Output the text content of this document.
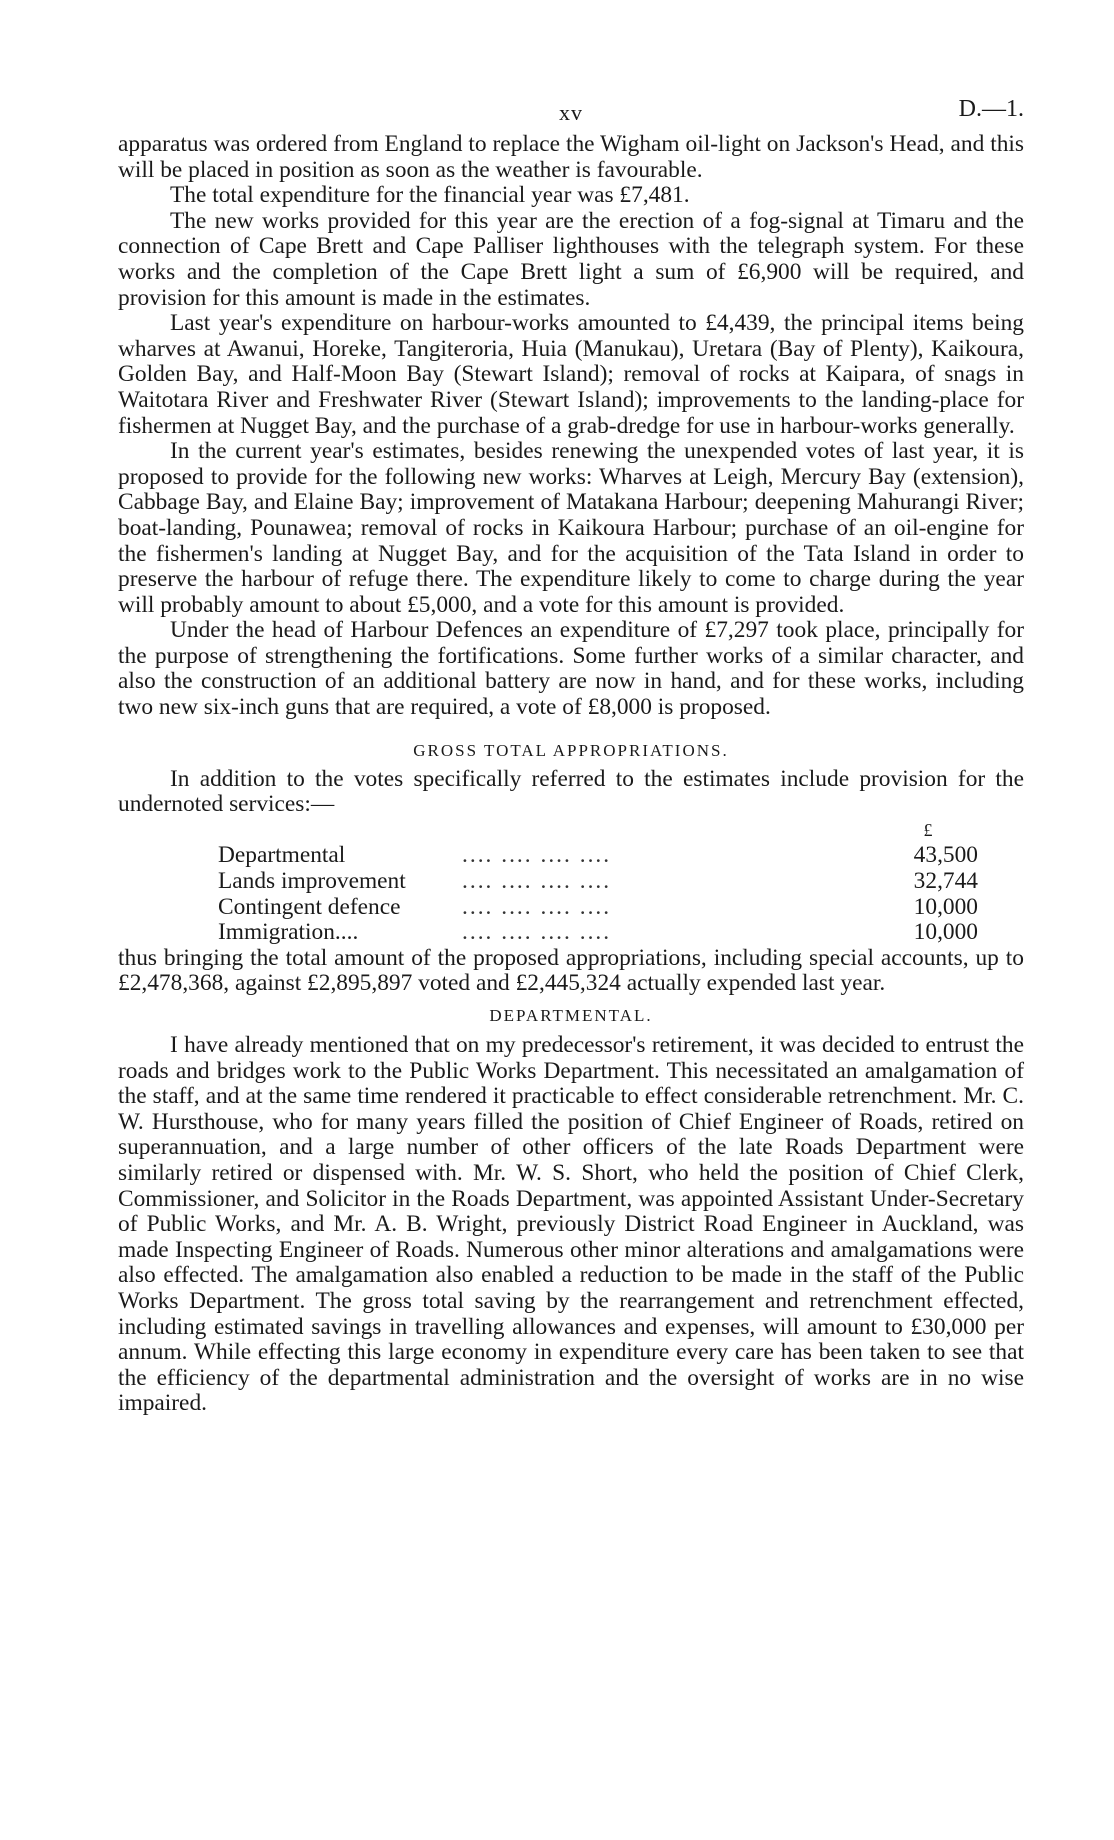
xv	D.—1.

apparatus was ordered from England to replace the Wigham oil-light on Jackson's Head, and this will be placed in position as soon as the weather is favourable.

The total expenditure for the financial year was £7,481.

The new works provided for this year are the erection of a fog-signal at Timaru and the connection of Cape Brett and Cape Palliser lighthouses with the telegraph system. For these works and the completion of the Cape Brett light a sum of £6,900 will be required, and provision for this amount is made in the estimates.

Last year's expenditure on harbour-works amounted to £4,439, the principal items being wharves at Awanui, Horeke, Tangiteroria, Huia (Manukau), Uretara (Bay of Plenty), Kaikoura, Golden Bay, and Half-Moon Bay (Stewart Island); removal of rocks at Kaipara, of snags in Waitotara River and Freshwater River (Stewart Island); improvements to the landing-place for fishermen at Nugget Bay, and the purchase of a grab-dredge for use in harbour-works generally.

In the current year's estimates, besides renewing the unexpended votes of last year, it is proposed to provide for the following new works: Wharves at Leigh, Mercury Bay (extension), Cabbage Bay, and Elaine Bay; improvement of Matakana Harbour; deepening Mahurangi River; boat-landing, Pounawea; removal of rocks in Kaikoura Harbour; purchase of an oil-engine for the fishermen's landing at Nugget Bay, and for the acquisition of the Tata Island in order to preserve the harbour of refuge there. The expenditure likely to come to charge during the year will probably amount to about £5,000, and a vote for this amount is provided.

Under the head of Harbour Defences an expenditure of £7,297 took place, principally for the purpose of strengthening the fortifications. Some further works of a similar character, and also the construction of an additional battery are now in hand, and for these works, including two new six-inch guns that are required, a vote of £8,000 is proposed.

GROSS TOTAL APPROPRIATIONS.

In addition to the votes specifically referred to the estimates include provision for the undernoted services:—

					£
Departmental	.... .... .... ....				43,500
Lands improvement	.... .... .... ....				32,744
Contingent defence	.... .... .... ....				10,000
Immigration....	.... .... .... ....				10,000

thus bringing the total amount of the proposed appropriations, including special accounts, up to £2,478,368, against £2,895,897 voted and £2,445,324 actually expended last year.

DEPARTMENTAL.

I have already mentioned that on my predecessor's retirement, it was decided to entrust the roads and bridges work to the Public Works Department. This necessitated an amalgamation of the staff, and at the same time rendered it practicable to effect considerable retrenchment. Mr. C. W. Hursthouse, who for many years filled the position of Chief Engineer of Roads, retired on superannuation, and a large number of other officers of the late Roads Department were similarly retired or dispensed with. Mr. W. S. Short, who held the position of Chief Clerk, Commissioner, and Solicitor in the Roads Department, was appointed Assistant Under-Secretary of Public Works, and Mr. A. B. Wright, previously District Road Engineer in Auckland, was made Inspecting Engineer of Roads. Numerous other minor alterations and amalgamations were also effected. The amalgamation also enabled a reduction to be made in the staff of the Public Works Department. The gross total saving by the rearrangement and retrenchment effected, including estimated savings in travelling allowances and expenses, will amount to £30,000 per annum. While effecting this large economy in expenditure every care has been taken to see that the efficiency of the departmental administration and the oversight of works are in no wise impaired.
